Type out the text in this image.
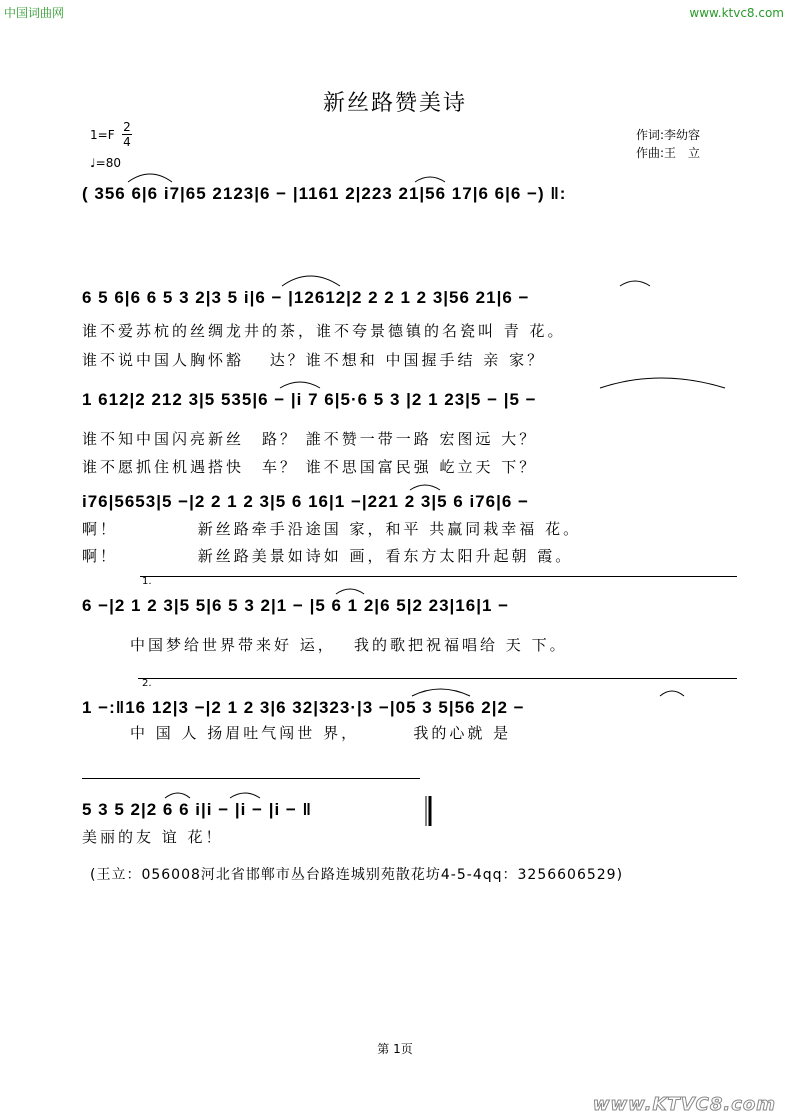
中国词曲网	www.ktvc8.com
新丝路赞美诗
1=F
2
4
♩=80
作词:李幼容
作曲:王　立
( 356 6|6 i7|65 2123|6 − |1161 2|223 21|56 17|6 6|6 −) ‖:
6 5 6|6 6 5 3 2|3 5 i|6 − |12612|2 2 2 1 2 3|56 21|6 −
谁不爱苏杭的丝绸龙井的茶，谁不夸景德镇的名瓷叫 青 花。
谁不说中国人胸怀豁　 达？谁不想和 中国握手结 亲 家？
1 612|2 212 3|5 535|6 − |i 7 6|5·6 5 3 |2 1 23|5 − |5 −
谁不知中国闪亮新丝　路？ 誰不赞一带一路 宏图远 大？
谁不愿抓住机遇搭快　车？ 谁不思国富民强 屹立天 下？
i76|5653|5 −|2 2 1 2 3|5 6 16|1 −|221 2 3|5 6 i76|6 −
啊！　　　　 新丝路牵手沿途国 家，和平 共赢同栽幸福 花。
啊！　　　　 新丝路美景如诗如 画，看东方太阳升起朝 霞。
1.
6 −|2 1 2 3|5 5|6 5 3 2|1 − |5 6 1 2|6 5|2 23|16|1 −
中国梦给世界带来好 运，　 我的歌把祝福唱给 天 下。
2.
1 −:‖16 12|3 −|2 1 2 3|6 32|323·|3 −|05 3 5|56 2|2 −
中 国 人 扬眉吐气闯世 界，　　　 我的心就 是
5 3 5 2|2 6 6 i|i − |i − |i − ‖
美丽的友 谊 花！
(王立：056008河北省邯郸市丛台路连城别苑散花坊4-5-4qq：3256606529)
第 1页
www.KTVC8.com
